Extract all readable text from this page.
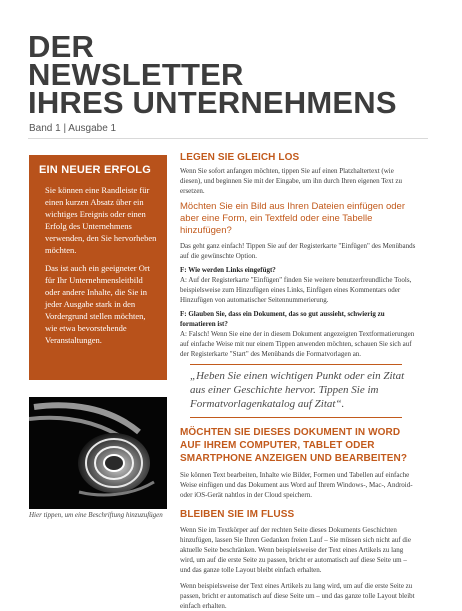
DER
NEWSLETTER
IHRES UNTERNEHMENS
Band 1 | Ausgabe 1
EIN NEUER ERFOLG

Sie können eine Randleiste für einen kurzen Absatz über ein wichtiges Ereignis oder einen Erfolg des Unternehmens verwenden, den Sie hervorheben möchten.

Das ist auch ein geeigneter Ort für Ihr Unternehmensleitbild oder andere Inhalte, die Sie in jeder Ausgabe stark in den Vordergrund stellen möchten, wie etwa bevorstehende Veranstaltungen.

Hier tippen, um eine Beschriftung hinzuzufügen
LEGEN SIE GLEICH LOS

Wenn Sie sofort anfangen möchten, tippen Sie auf einen Platzhaltertext (wie diesen), und beginnen Sie mit der Eingabe, um ihn durch Ihren eigenen Text zu ersetzen.

Möchten Sie ein Bild aus Ihren Dateien einfügen oder aber eine Form, ein Textfeld oder eine Tabelle hinzufügen?

Das geht ganz einfach! Tippen Sie auf der Registerkarte "Einfügen" des Menübands auf die gewünschte Option.

F: Wie werden Links eingefügt?

A: Auf der Registerkarte "Einfügen" finden Sie weitere benutzerfreundliche Tools, beispielsweise zum Hinzufügen eines Links, Einfügen eines Kommentars oder Hinzufügen von automatischer Seitennummerierung.

F: Glauben Sie, dass ein Dokument, das so gut aussieht, schwierig zu formatieren ist?

A: Falsch! Wenn Sie eine der in diesem Dokument angezeigten Textformatierungen auf einfache Weise mit nur einem Tippen anwenden möchten, schauen Sie sich auf der Registerkarte "Start" des Menübands die Formatvorlagen an.

„Heben Sie einen wichtigen Punkt oder ein Zitat aus einer Geschichte hervor. Tippen Sie im Formatvorlagenkatalog auf Zitat“.

MÖCHTEN SIE DIESES DOKUMENT IN WORD AUF IHREM COMPUTER, TABLET ODER SMARTPHONE ANZEIGEN UND BEARBEITEN?

Sie können Text bearbeiten, Inhalte wie Bilder, Formen und Tabellen auf einfache Weise einfügen und das Dokument aus Word auf Ihrem Windows-, Mac-, Android- oder iOS-Gerät nahtlos in der Cloud speichern.

BLEIBEN SIE IM FLUSS

Wenn Sie im Textkörper auf der rechten Seite dieses Dokuments Geschichten hinzufügen, lassen Sie Ihren Gedanken freien Lauf – Sie müssen sich nicht auf die aktuelle Seite beschränken. Wenn beispielsweise der Text eines Artikels zu lang wird, um auf die erste Seite zu passen, bricht er automatisch auf diese Seite um – und das ganze tolle Layout bleibt einfach erhalten.

Wenn beispielsweise der Text eines Artikels zu lang wird, um auf die erste Seite zu passen, bricht er automatisch auf diese Seite um – und das ganze tolle Layout bleibt einfach erhalten.
